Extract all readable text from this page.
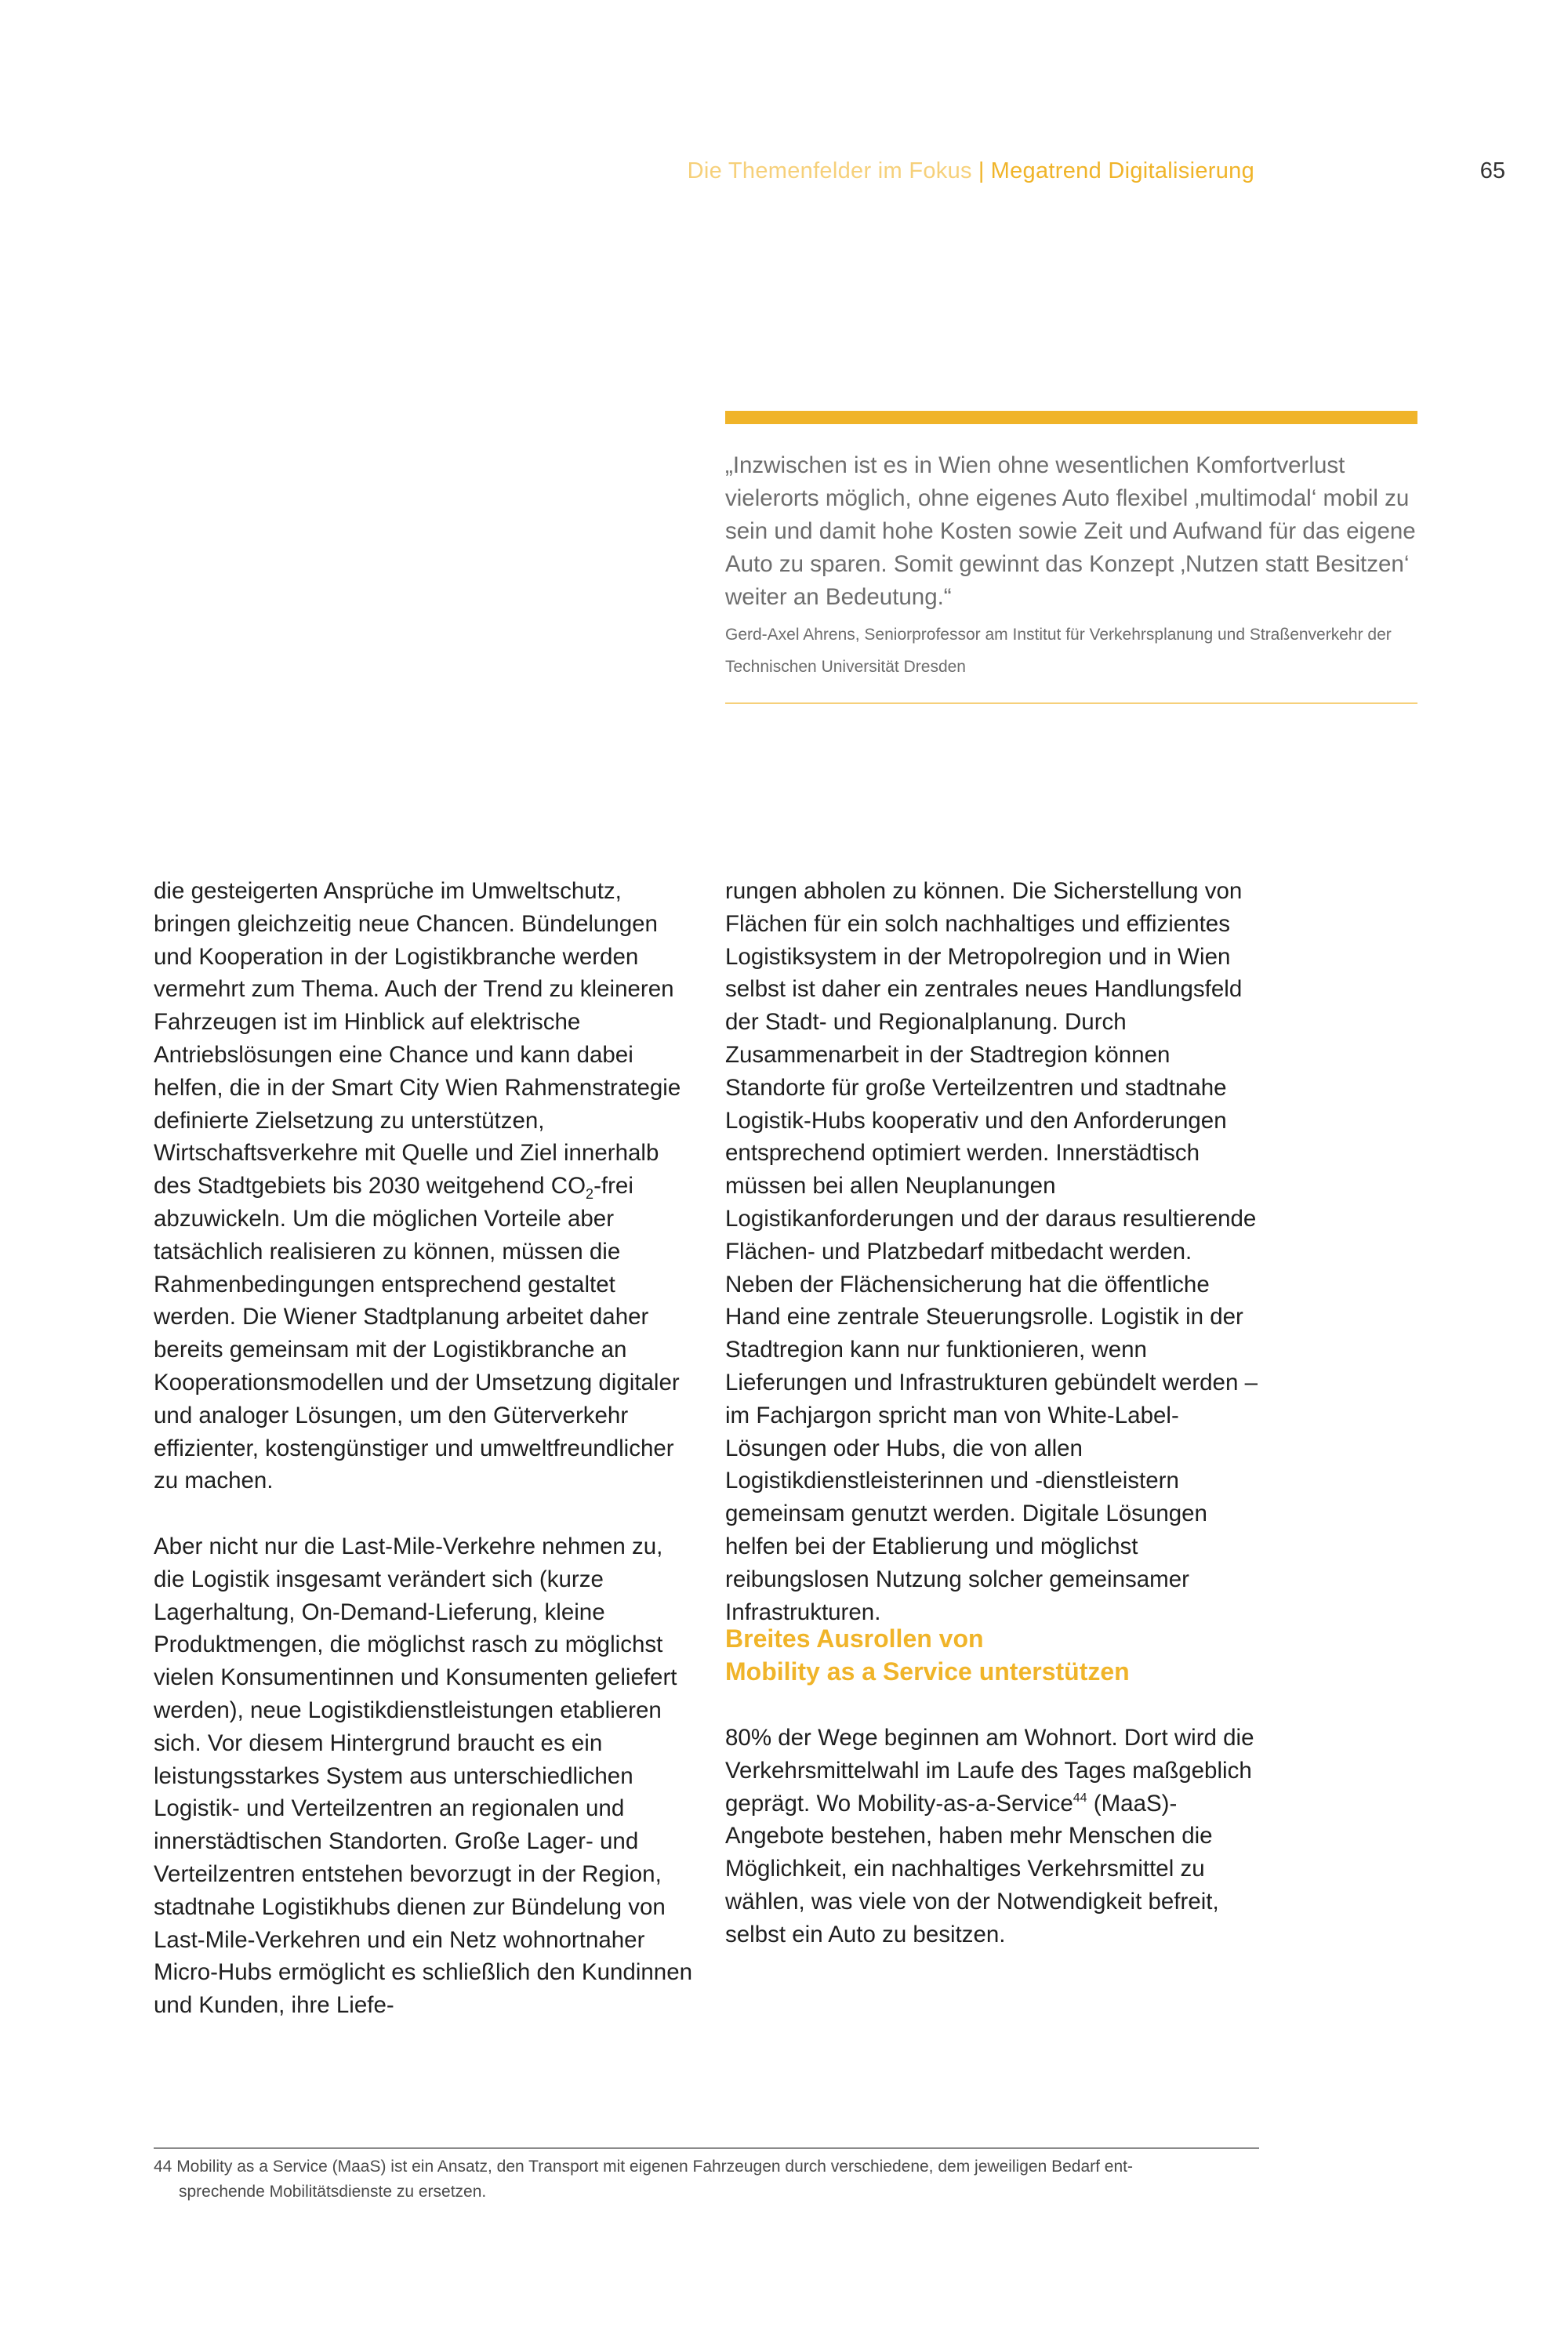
Die Themenfelder im Fokus | Megatrend Digitalisierung	65
„Inzwischen ist es in Wien ohne wesentlichen Komfortverlust vielerorts möglich, ohne eigenes Auto flexibel ‚multimodal‘ mobil zu sein und damit hohe Kosten sowie Zeit und Aufwand für das eigene Auto zu sparen. Somit gewinnt das Konzept ‚Nutzen statt Besitzen‘ weiter an Bedeutung.“
Gerd-Axel Ahrens, Seniorprofessor am Institut für Verkehrsplanung und Straßenverkehr der Technischen Universität Dresden

die gesteigerten Ansprüche im Umweltschutz, bringen gleichzeitig neue Chancen. Bündelungen und Kooperation in der Logistikbranche werden vermehrt zum Thema. Auch der Trend zu kleineren Fahrzeugen ist im Hinblick auf elektrische Antriebslösungen eine Chance und kann dabei helfen, die in der Smart City Wien Rahmenstrategie definierte Zielsetzung zu unterstützen, Wirtschaftsverkehre mit Quelle und Ziel innerhalb des Stadtgebiets bis 2030 weitgehend $CO_2$-frei abzuwickeln. Um die möglichen Vorteile aber tatsächlich realisieren zu können, müssen die Rahmenbedingungen entsprechend gestaltet werden. Die Wiener Stadtplanung arbeitet daher bereits gemeinsam mit der Logistikbranche an Kooperationsmodellen und der Umsetzung digitaler und analoger Lösungen, um den Güterverkehr effizienter, kostengünstiger und umweltfreundlicher zu machen.

Aber nicht nur die Last-Mile-Verkehre nehmen zu, die Logistik insgesamt verändert sich (kurze Lagerhaltung, On-Demand-Lieferung, kleine Produktmengen, die möglichst rasch zu möglichst vielen Konsumentinnen und Konsumenten geliefert werden), neue Logistikdienstleistungen etablieren sich. Vor diesem Hintergrund braucht es ein leistungsstarkes System aus unterschiedlichen Logistik- und Verteilzentren an regionalen und innerstädtischen Standorten. Große Lager- und Verteilzentren entstehen bevorzugt in der Region, stadtnahe Logistikhubs dienen zur Bündelung von Last-Mile-Verkehren und ein Netz wohnortnaher Micro-Hubs ermöglicht es schließlich den Kundinnen und Kunden, ihre Liefe-

rungen abholen zu können. Die Sicherstellung von Flächen für ein solch nachhaltiges und effizientes Logistiksystem in der Metropolregion und in Wien selbst ist daher ein zentrales neues Handlungsfeld der Stadt- und Regionalplanung. Durch Zusammenarbeit in der Stadtregion können Standorte für große Verteilzentren und stadtnahe Logistik-Hubs kooperativ und den Anforderungen entsprechend optimiert werden. Innerstädtisch müssen bei allen Neuplanungen Logistikanforderungen und der daraus resultierende Flächen- und Platzbedarf mitbedacht werden. Neben der Flächensicherung hat die öffentliche Hand eine zentrale Steuerungsrolle. Logistik in der Stadtregion kann nur funktionieren, wenn Lieferungen und Infrastrukturen gebündelt werden – im Fachjargon spricht man von White-Label-Lösungen oder Hubs, die von allen Logistikdienstleisterinnen und -dienstleistern gemeinsam genutzt werden. Digitale Lösungen helfen bei der Etablierung und möglichst reibungslosen Nutzung solcher gemeinsamer Infrastrukturen.

Breites Ausrollen von
Mobility as a Service unterstützen

80% der Wege beginnen am Wohnort. Dort wird die Verkehrsmittelwahl im Laufe des Tages maßgeblich geprägt. Wo Mobility-as-a-Service$^{44}$ (MaaS)-Angebote bestehen, haben mehr Menschen die Möglichkeit, ein nachhaltiges Verkehrsmittel zu wählen, was viele von der Notwendigkeit befreit, selbst ein Auto zu besitzen.

44 Mobility as a Service (MaaS) ist ein Ansatz, den Transport mit eigenen Fahrzeugen durch verschiedene, dem jeweiligen Bedarf ent-
sprechende Mobilitätsdienste zu ersetzen.
